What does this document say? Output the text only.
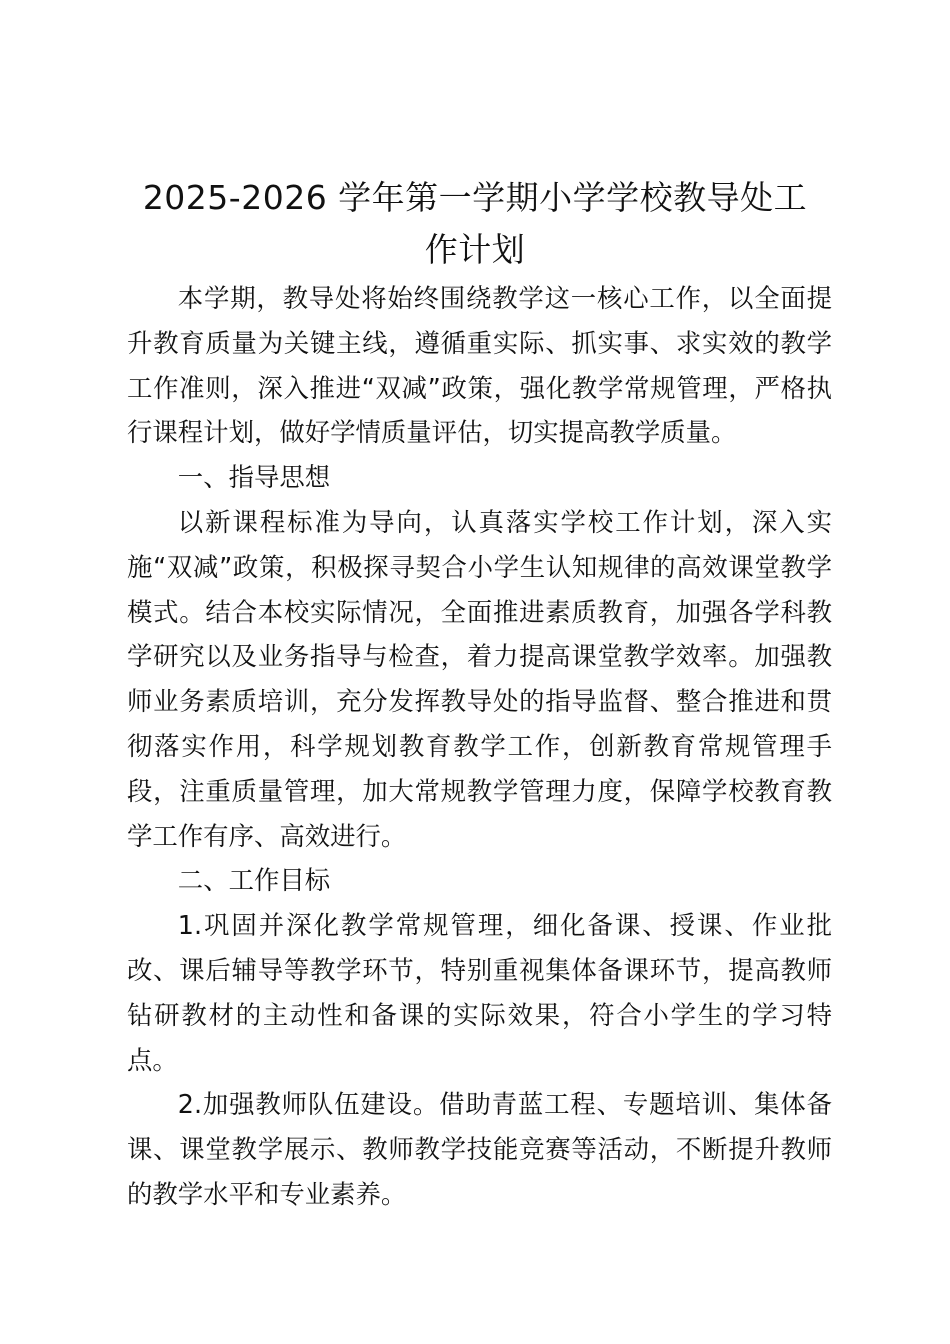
2025-2026 学年第一学期小学学校教导处工
作计划

本学期，教导处将始终围绕教学这一核心工作，以全面提升教育质量为关键主线，遵循重实际、抓实事、求实效的教学工作准则，深入推进“双减”政策，强化教学常规管理，严格执行课程计划，做好学情质量评估，切实提高教学质量。

一、指导思想

以新课程标准为导向，认真落实学校工作计划，深入实施“双减”政策，积极探寻契合小学生认知规律的高效课堂教学模式。结合本校实际情况，全面推进素质教育，加强各学科教学研究以及业务指导与检查，着力提高课堂教学效率。加强教师业务素质培训，充分发挥教导处的指导监督、整合推进和贯彻落实作用，科学规划教育教学工作，创新教育常规管理手段，注重质量管理，加大常规教学管理力度，保障学校教育教学工作有序、高效进行。

二、工作目标

1.巩固并深化教学常规管理，细化备课、授课、作业批改、课后辅导等教学环节，特别重视集体备课环节，提高教师钻研教材的主动性和备课的实际效果，符合小学生的学习特点。

2.加强教师队伍建设。借助青蓝工程、专题培训、集体备课、课堂教学展示、教师教学技能竞赛等活动，不断提升教师的教学水平和专业素养。
